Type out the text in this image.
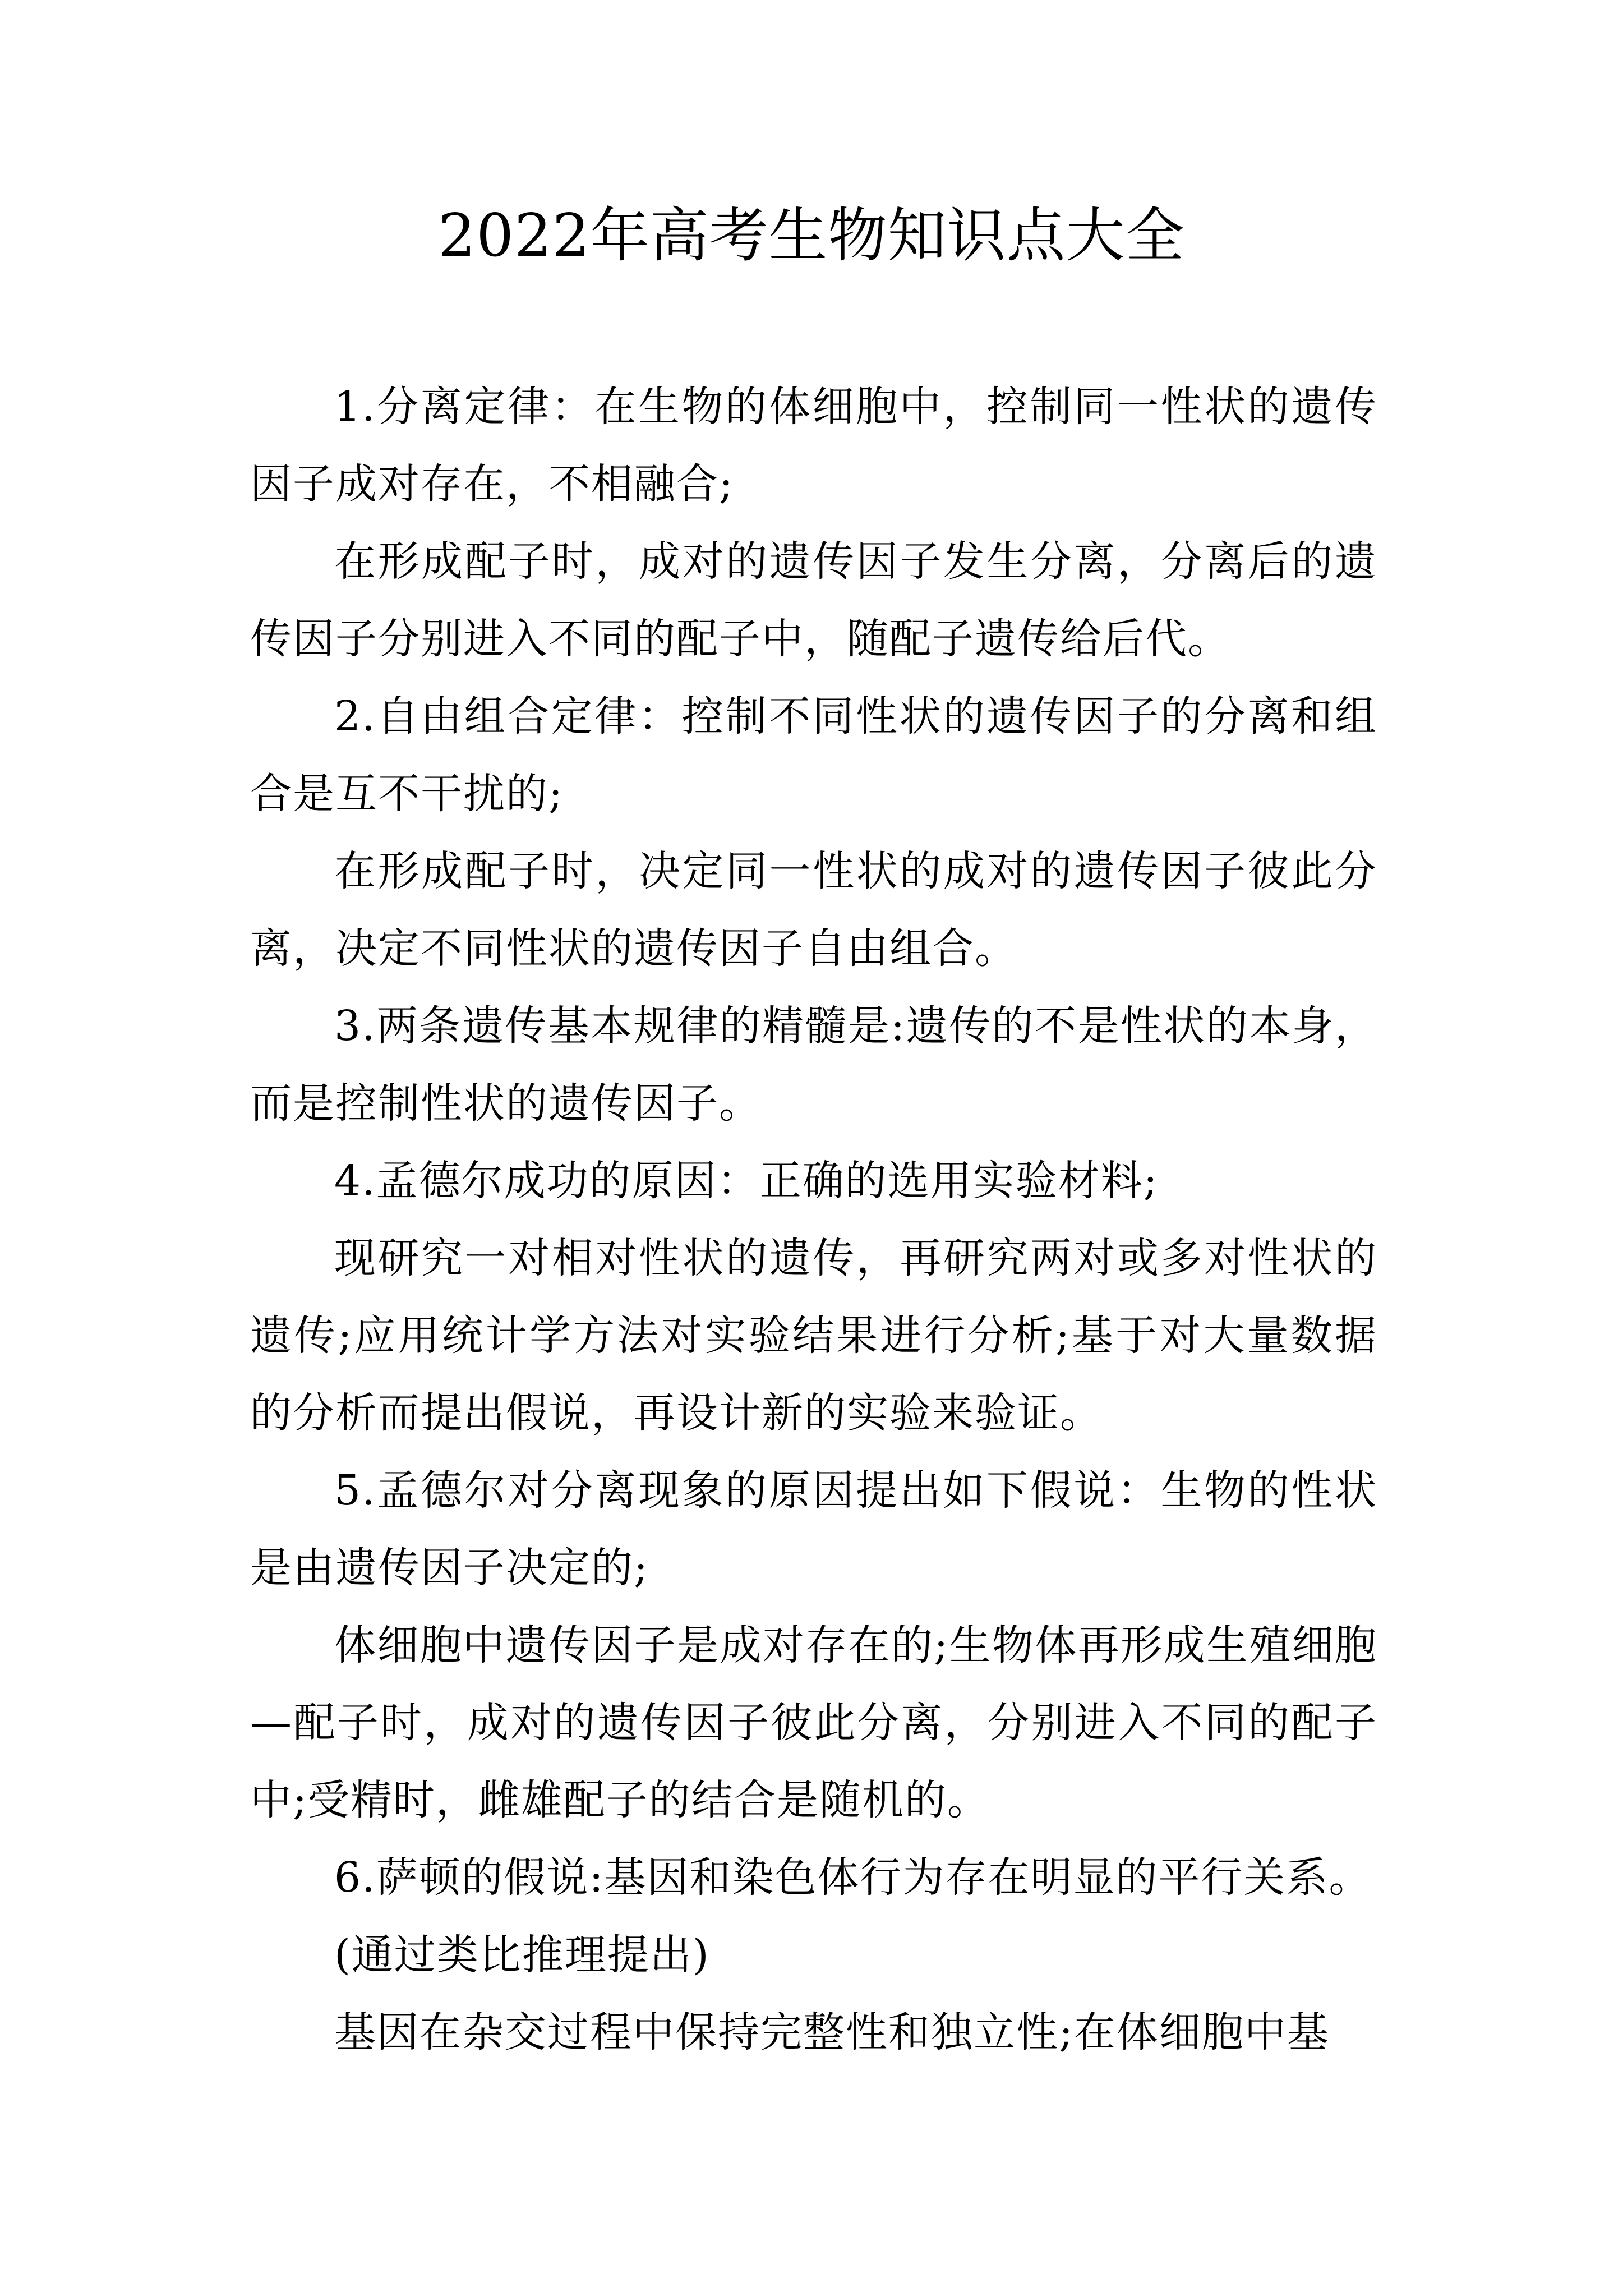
2022年高考生物知识点大全

1.分离定律：在生物的体细胞中，控制同一性状的遗传因子成对存在，不相融合;

在形成配子时，成对的遗传因子发生分离，分离后的遗传因子分别进入不同的配子中，随配子遗传给后代。

2.自由组合定律：控制不同性状的遗传因子的分离和组合是互不干扰的;

在形成配子时，决定同一性状的成对的遗传因子彼此分离，决定不同性状的遗传因子自由组合。

3.两条遗传基本规律的精髓是:遗传的不是性状的本身，而是控制性状的遗传因子。

4.孟德尔成功的原因：正确的选用实验材料;

现研究一对相对性状的遗传，再研究两对或多对性状的遗传;应用统计学方法对实验结果进行分析;基于对大量数据的分析而提出假说，再设计新的实验来验证。

5.孟德尔对分离现象的原因提出如下假说：生物的性状是由遗传因子决定的;

体细胞中遗传因子是成对存在的;生物体再形成生殖细胞—配子时，成对的遗传因子彼此分离，分别进入不同的配子中;受精时，雌雄配子的结合是随机的。

6.萨顿的假说:基因和染色体行为存在明显的平行关系。

(通过类比推理提出)

基因在杂交过程中保持完整性和独立性;在体细胞中基
